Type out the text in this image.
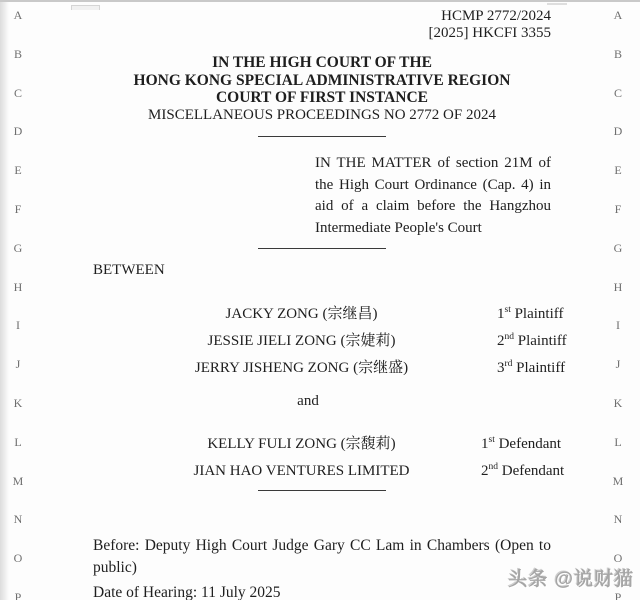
A
B
C
D
E
F
G
H
I
J
K
L
M
N
O
P
A
B
C
D
E
F
G
H
I
J
K
L
M
N
O
P
HCMP 2772/2024
[2025] HKCFI 3355
IN THE HIGH COURT OF THE
HONG KONG SPECIAL ADMINISTRATIVE REGION
COURT OF FIRST INSTANCE
MISCELLANEOUS PROCEEDINGS NO 2772 OF 2024
IN THE MATTER of section 21M of the High Court Ordinance (Cap. 4) in aid of a claim before the Hangzhou Intermediate People's Court
BETWEEN
JACKY ZONG (宗继昌)	1st Plaintiff
JESSIE JIELI ZONG (宗婕莉)	2nd Plaintiff
JERRY JISHENG ZONG (宗继盛)	3rd Plaintiff
and
KELLY FULI ZONG (宗馥莉)	1st Defendant
JIAN HAO VENTURES LIMITED	2nd Defendant
Before: Deputy High Court Judge Gary CC Lam in Chambers (Open to public)
Date of Hearing: 11 July 2025
头条 @说财猫
